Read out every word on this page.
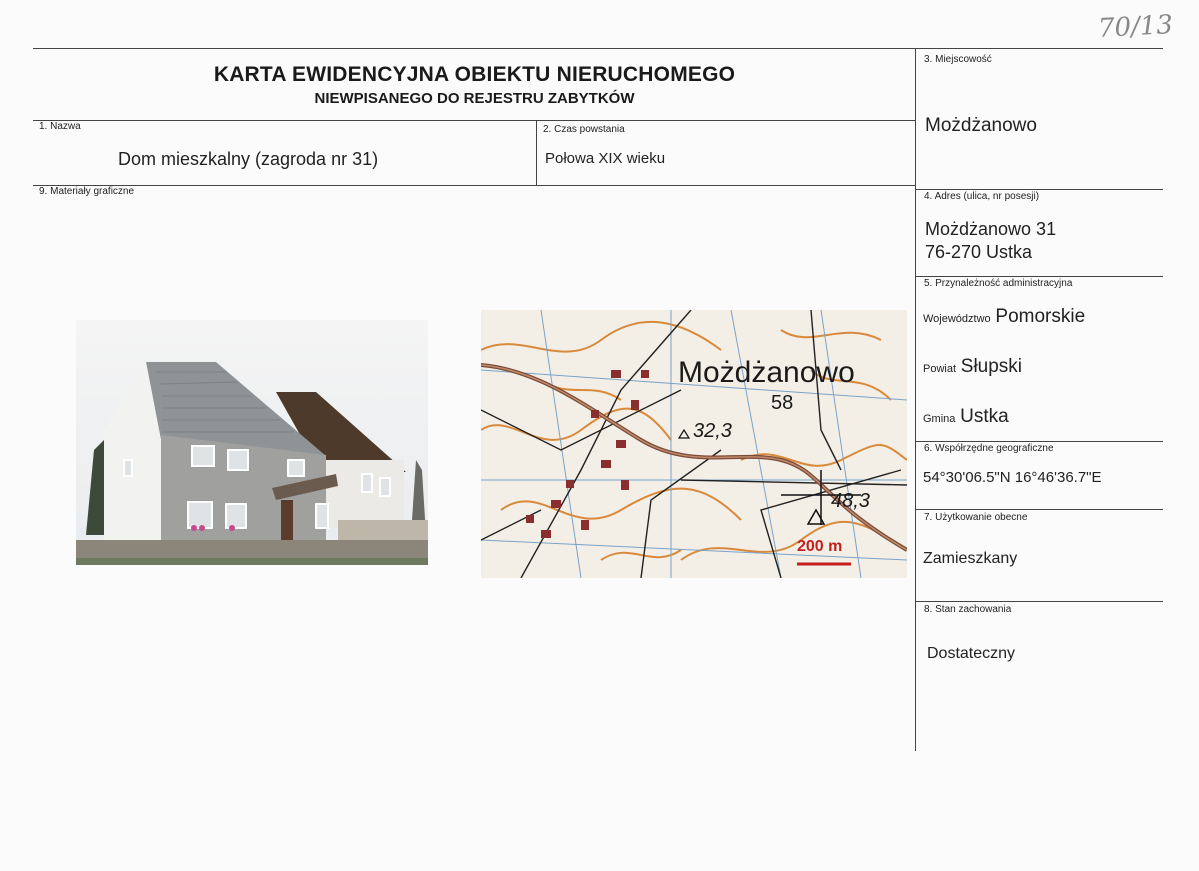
70/13
KARTA EWIDENCYJNA OBIEKTU NIERUCHOMEGO
NIEWPISANEGO DO REJESTRU ZABYTKÓW
1. Nazwa
Dom mieszkalny (zagroda nr 31)
2. Czas powstania
Połowa XIX wieku
9. Materiały graficzne
3. Miejscowość
Możdżanowo
4. Adres (ulica, nr posesji)
Możdżanowo 31
76-270 Ustka
5. Przynależność administracyjna
Województwo Pomorskie
Powiat Słupski
Gmina Ustka
6. Współrzędne geograficzne
54°30'06.5"N 16°46'36.7"E
7. Użytkowanie obecne
Zamieszkany
8. Stan zachowania
Dostateczny
Możdżanowo
58
32,3
48,3
200 m
